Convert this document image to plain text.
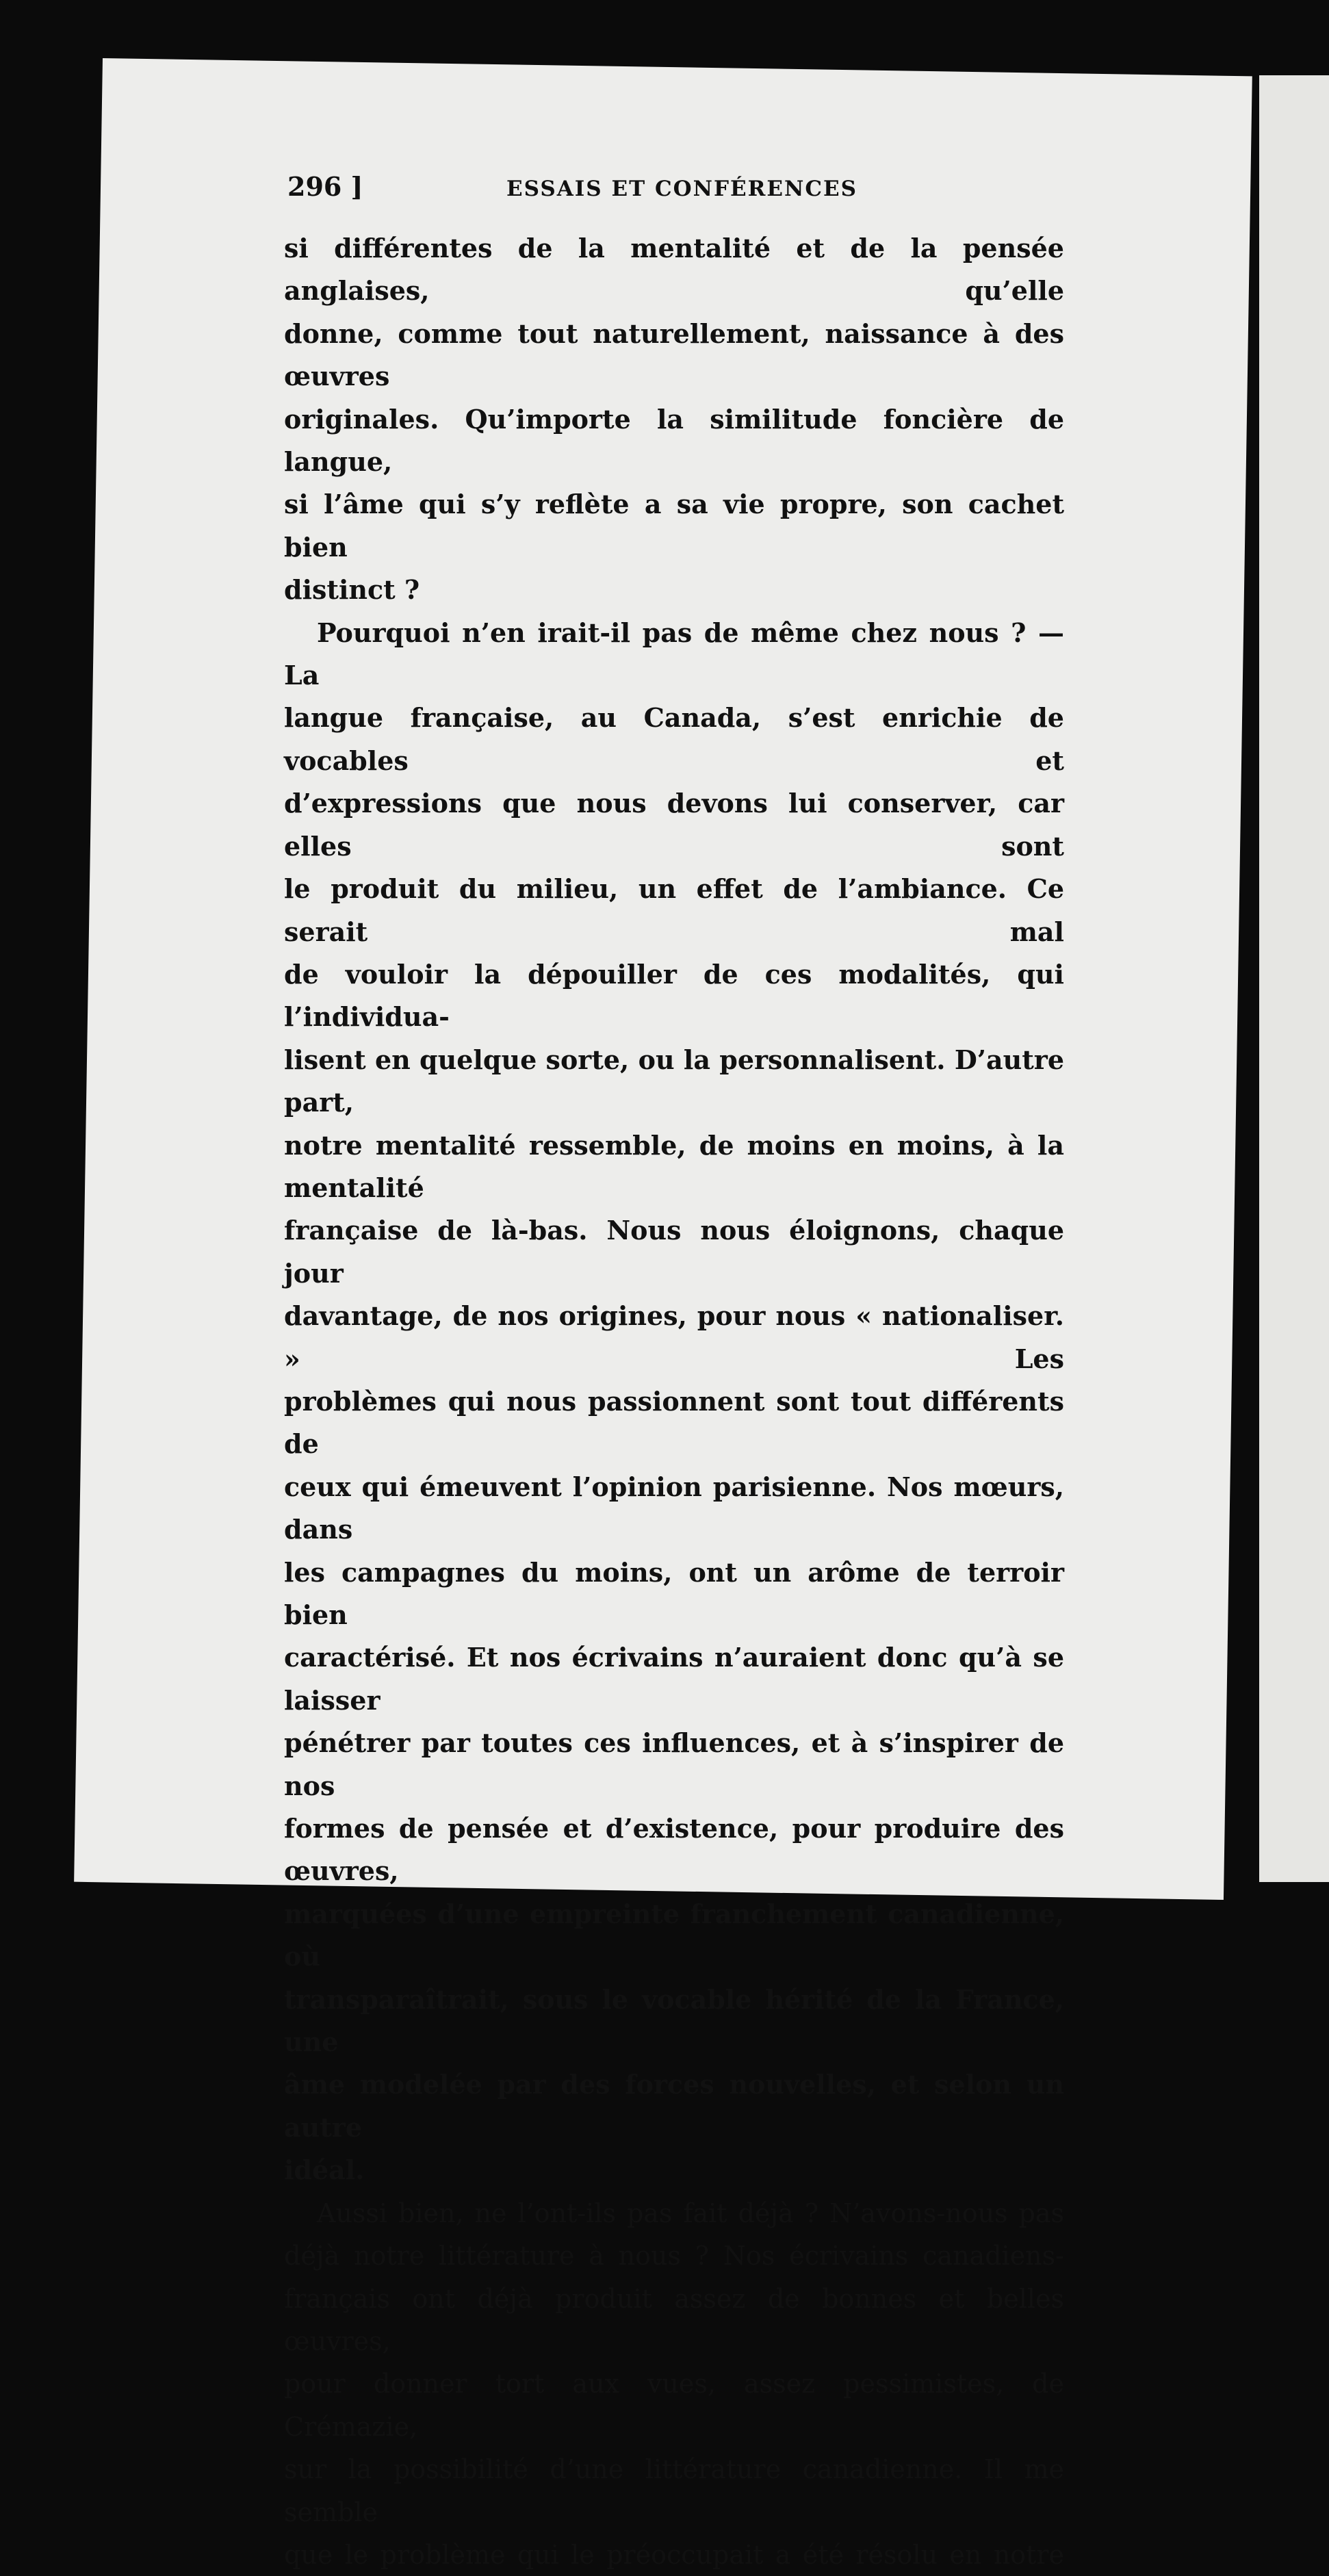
296 ]	ESSAIS ET CONFÉRENCES

si différentes de la mentalité et de la pensée anglaises, qu’elle
donne, comme tout naturellement, naissance à des œuvres
originales. Qu’importe la similitude foncière de langue,
si l’âme qui s’y reflète a sa vie propre, son cachet bien
distinct ?

Pourquoi n’en irait-il pas de même chez nous ? — La
langue française, au Canada, s’est enrichie de vocables et
d’expressions que nous devons lui conserver, car elles sont
le produit du milieu, un effet de l’ambiance. Ce serait mal
de vouloir la dépouiller de ces modalités, qui l’individua-
lisent en quelque sorte, ou la personnalisent. D’autre part,
notre mentalité ressemble, de moins en moins, à la mentalité
française de là-bas. Nous nous éloignons, chaque jour
davantage, de nos origines, pour nous « nationaliser. » Les
problèmes qui nous passionnent sont tout différents de
ceux qui émeuvent l’opinion parisienne. Nos mœurs, dans
les campagnes du moins, ont un arôme de terroir bien
caractérisé. Et nos écrivains n’auraient donc qu’à se laisser
pénétrer par toutes ces influences, et à s’inspirer de nos
formes de pensée et d’existence, pour produire des œuvres,
marquées d’une empreinte franchement canadienne, où
transparaîtrait, sous le vocable hérité de la France, une
âme modelée par des forces nouvelles, et selon un autre
idéal.

Aussi bien, ne l’ont-ils pas fait déjà ? N’avons-nous pas
déjà notre littérature à nous ? Nos écrivains canadiens-
français ont déjà produit assez de bonnes et belles œuvres,
pour donner tort aux vues, assez pessimistes, de Crémazie,
sur la possibilité d’une littérature canadienne. Il me semble
que le problème qui le préoccupait a été résolu en notre
